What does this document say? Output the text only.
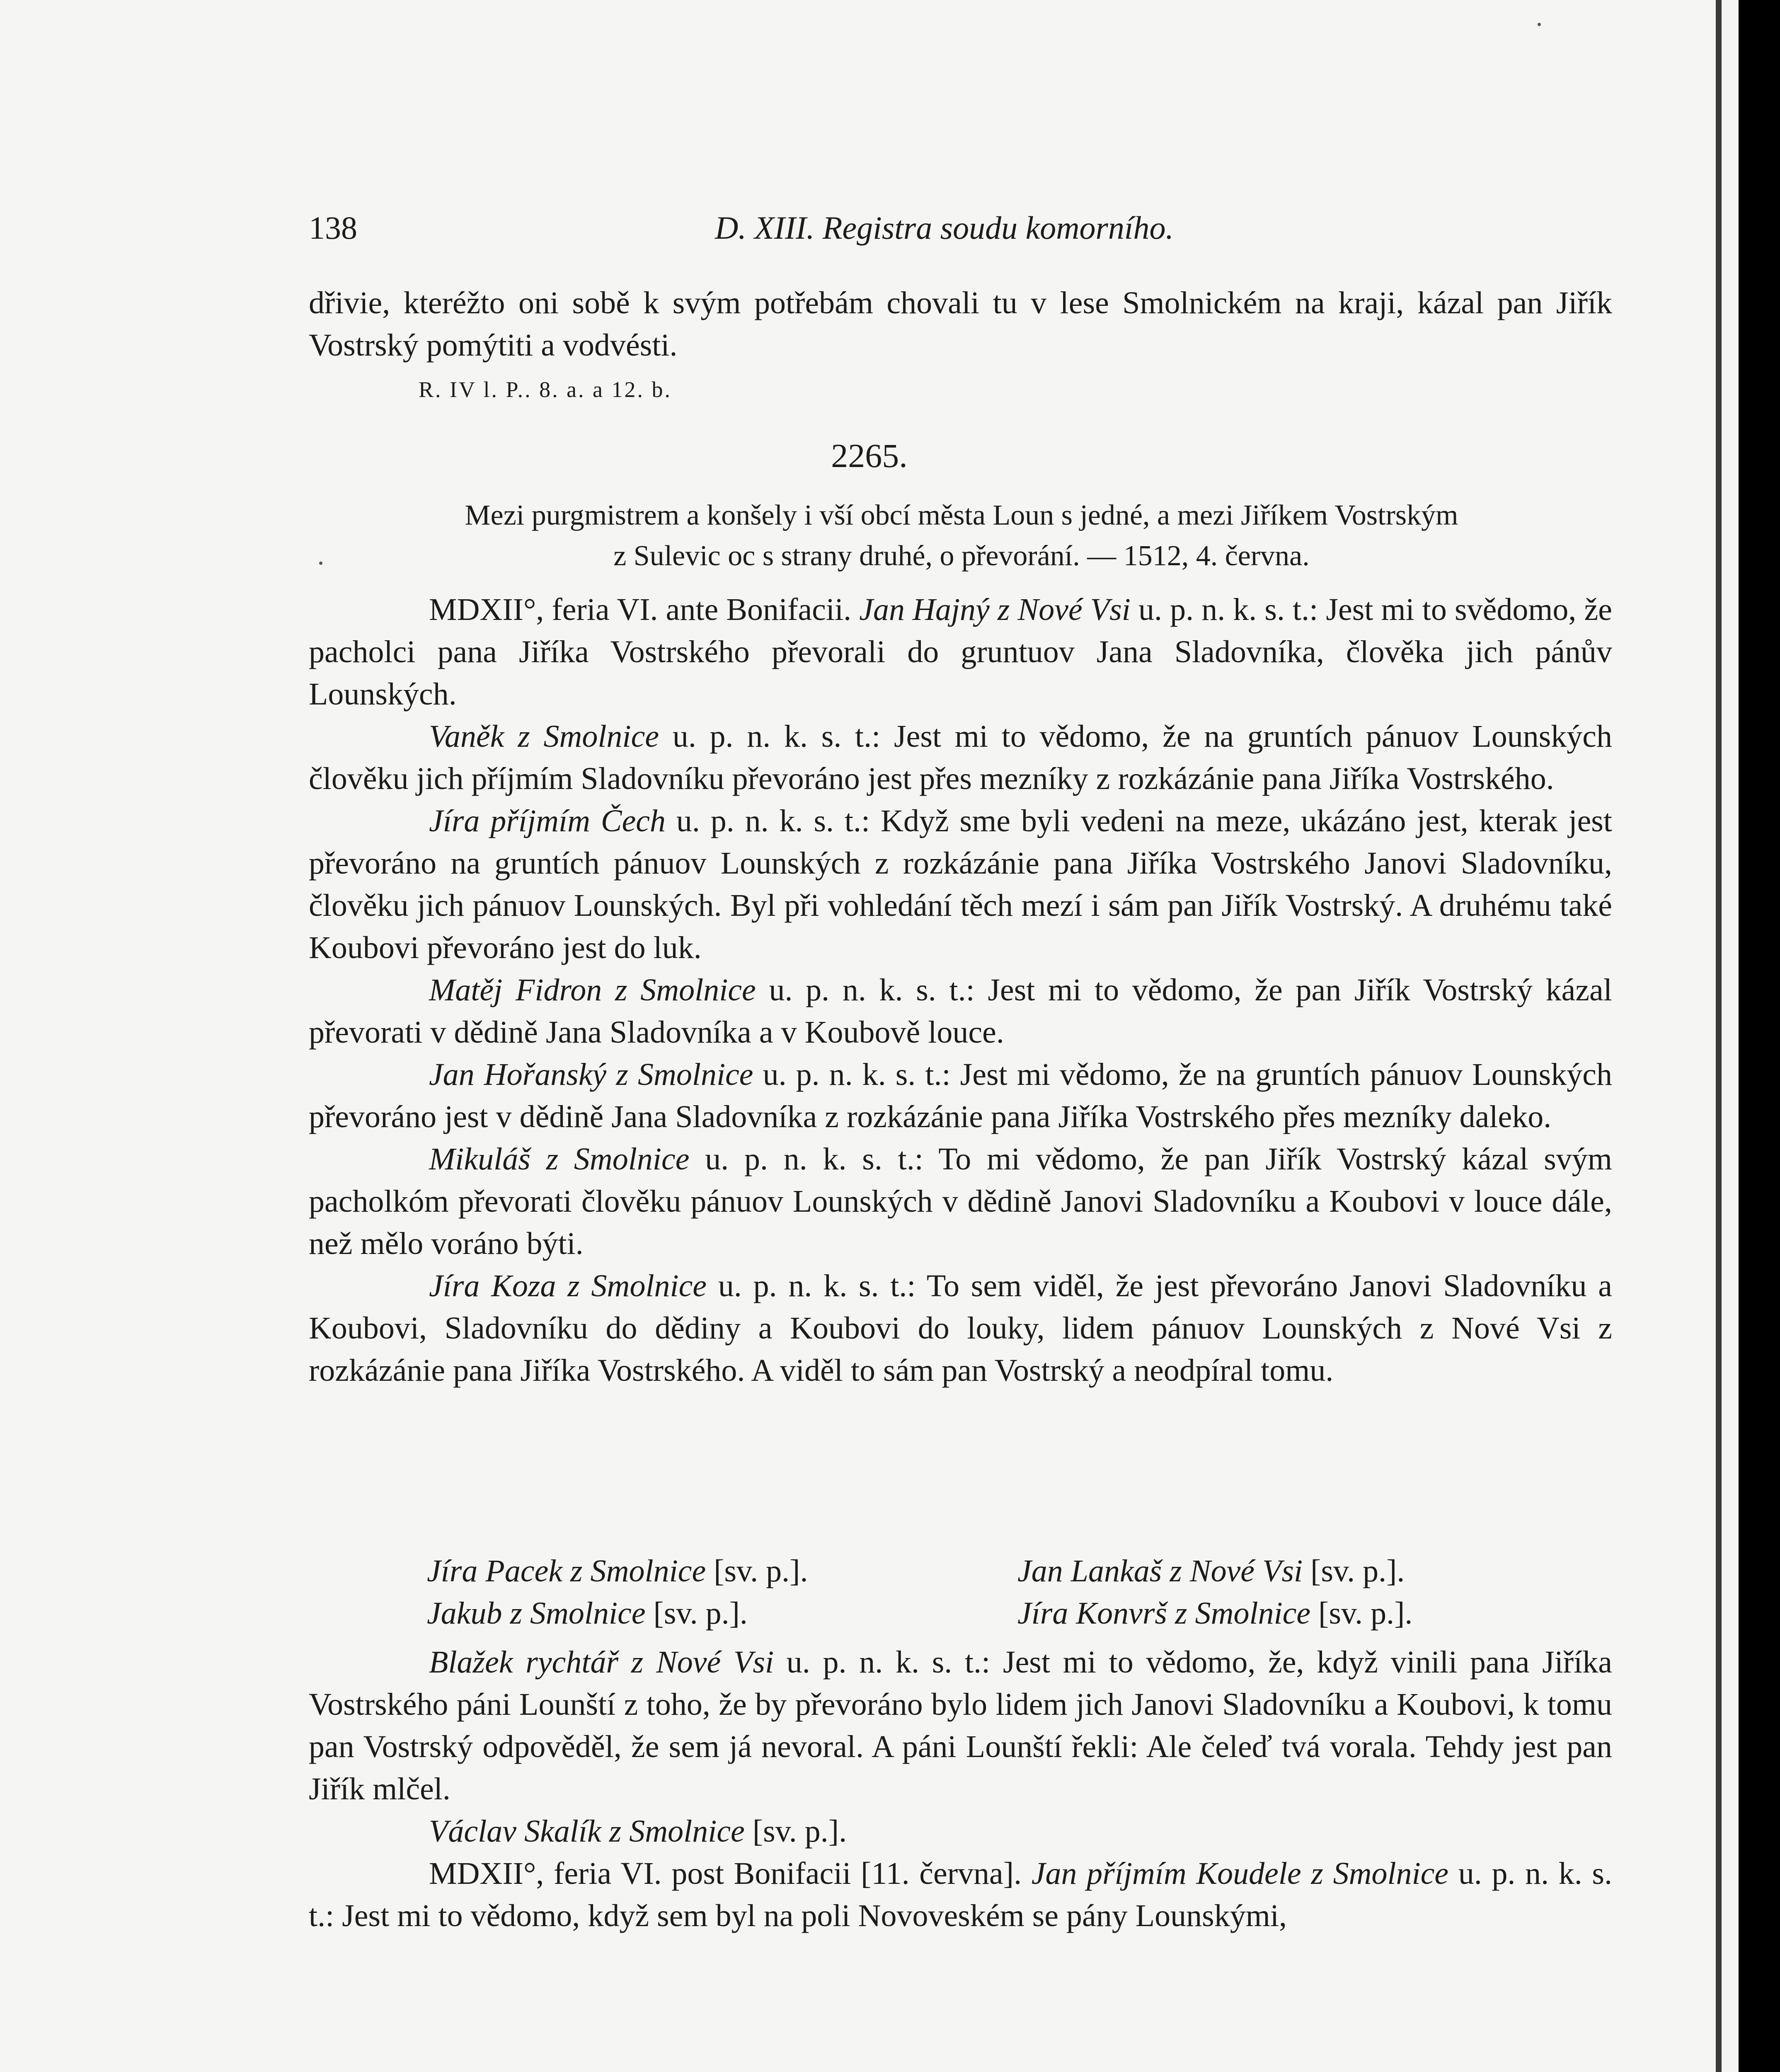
138	D. XIII. Registra soudu komorního.

dřivie, kteréžto oni sobě k svým potřebám chovali tu v lese Smolnickém na kraji, kázal pan Jiřík Vostrský pomýtiti a vodvésti.

R. IV l. P.. 8. a. a 12. b.
2265.

Mezi purgmistrem a konšely i vší obcí města Loun s jedné, a mezi Jiříkem Vostrským

z Sulevic oc s strany druhé, o převorání. — 1512, 4. června.

MDXII°, feria VI. ante Bonifacii. Jan Hajný z Nové Vsi u. p. n. k. s. t.: Jest mi to svědomo, že pacholci pana Jiříka Vostrského převorali do gruntuov Jana Sladovníka, člověka jich pánův Lounských.

Vaněk z Smolnice u. p. n. k. s. t.: Jest mi to vědomo, že na gruntích pánuov Lounských člověku jich příjmím Sladovníku převoráno jest přes mezníky z rozkázánie pana Jiříka Vostrského.

Jíra příjmím Čech u. p. n. k. s. t.: Když sme byli vedeni na meze, ukázáno jest, kterak jest převoráno na gruntích pánuov Lounských z rozkázánie pana Jiříka Vostrského Janovi Sladovníku, člověku jich pánuov Lounských. Byl při vohledání těch mezí i sám pan Jiřík Vostrský. A druhému také Koubovi převoráno jest do luk.

Matěj Fidron z Smolnice u. p. n. k. s. t.: Jest mi to vědomo, že pan Jiřík Vostrský kázal převorati v dědině Jana Sladovníka a v Koubově louce.

Jan Hořanský z Smolnice u. p. n. k. s. t.: Jest mi vědomo, že na gruntích pánuov Lounských převoráno jest v dědině Jana Sladovníka z rozkázánie pana Jiříka Vostrského přes mezníky daleko.

Mikuláš z Smolnice u. p. n. k. s. t.: To mi vědomo, že pan Jiřík Vostrský kázal svým pacholkóm převorati člověku pánuov Lounských v dědině Janovi Sladovníku a Koubovi v louce dále, než mělo voráno býti.

Jíra Koza z Smolnice u. p. n. k. s. t.: To sem viděl, že jest převoráno Janovi Sladovníku a Koubovi, Sladovníku do dědiny a Koubovi do louky, lidem pánuov Lounských z Nové Vsi z rozkázánie pana Jiříka Vostrského. A viděl to sám pan Vostrský a neodpíral tomu.

Jíra Pacek z Smolnice [sv. p.].	Jan Lankaš z Nové Vsi [sv. p.].
Jakub z Smolnice [sv. p.].	Jíra Konvrš z Smolnice [sv. p.].

Blažek rychtář z Nové Vsi u. p. n. k. s. t.: Jest mi to vědomo, že, když vinili pana Jiříka Vostrského páni Lounští z toho, že by převoráno bylo lidem jich Janovi Sladovníku a Koubovi, k tomu pan Vostrský odpověděl, že sem já nevoral. A páni Lounští řekli: Ale čeleď tvá vorala. Tehdy jest pan Jiřík mlčel.

Václav Skalík z Smolnice [sv. p.].

MDXII°, feria VI. post Bonifacii [11. června]. Jan příjmím Koudele z Smolnice u. p. n. k. s. t.: Jest mi to vědomo, když sem byl na poli Novoveském se pány Lounskými,
